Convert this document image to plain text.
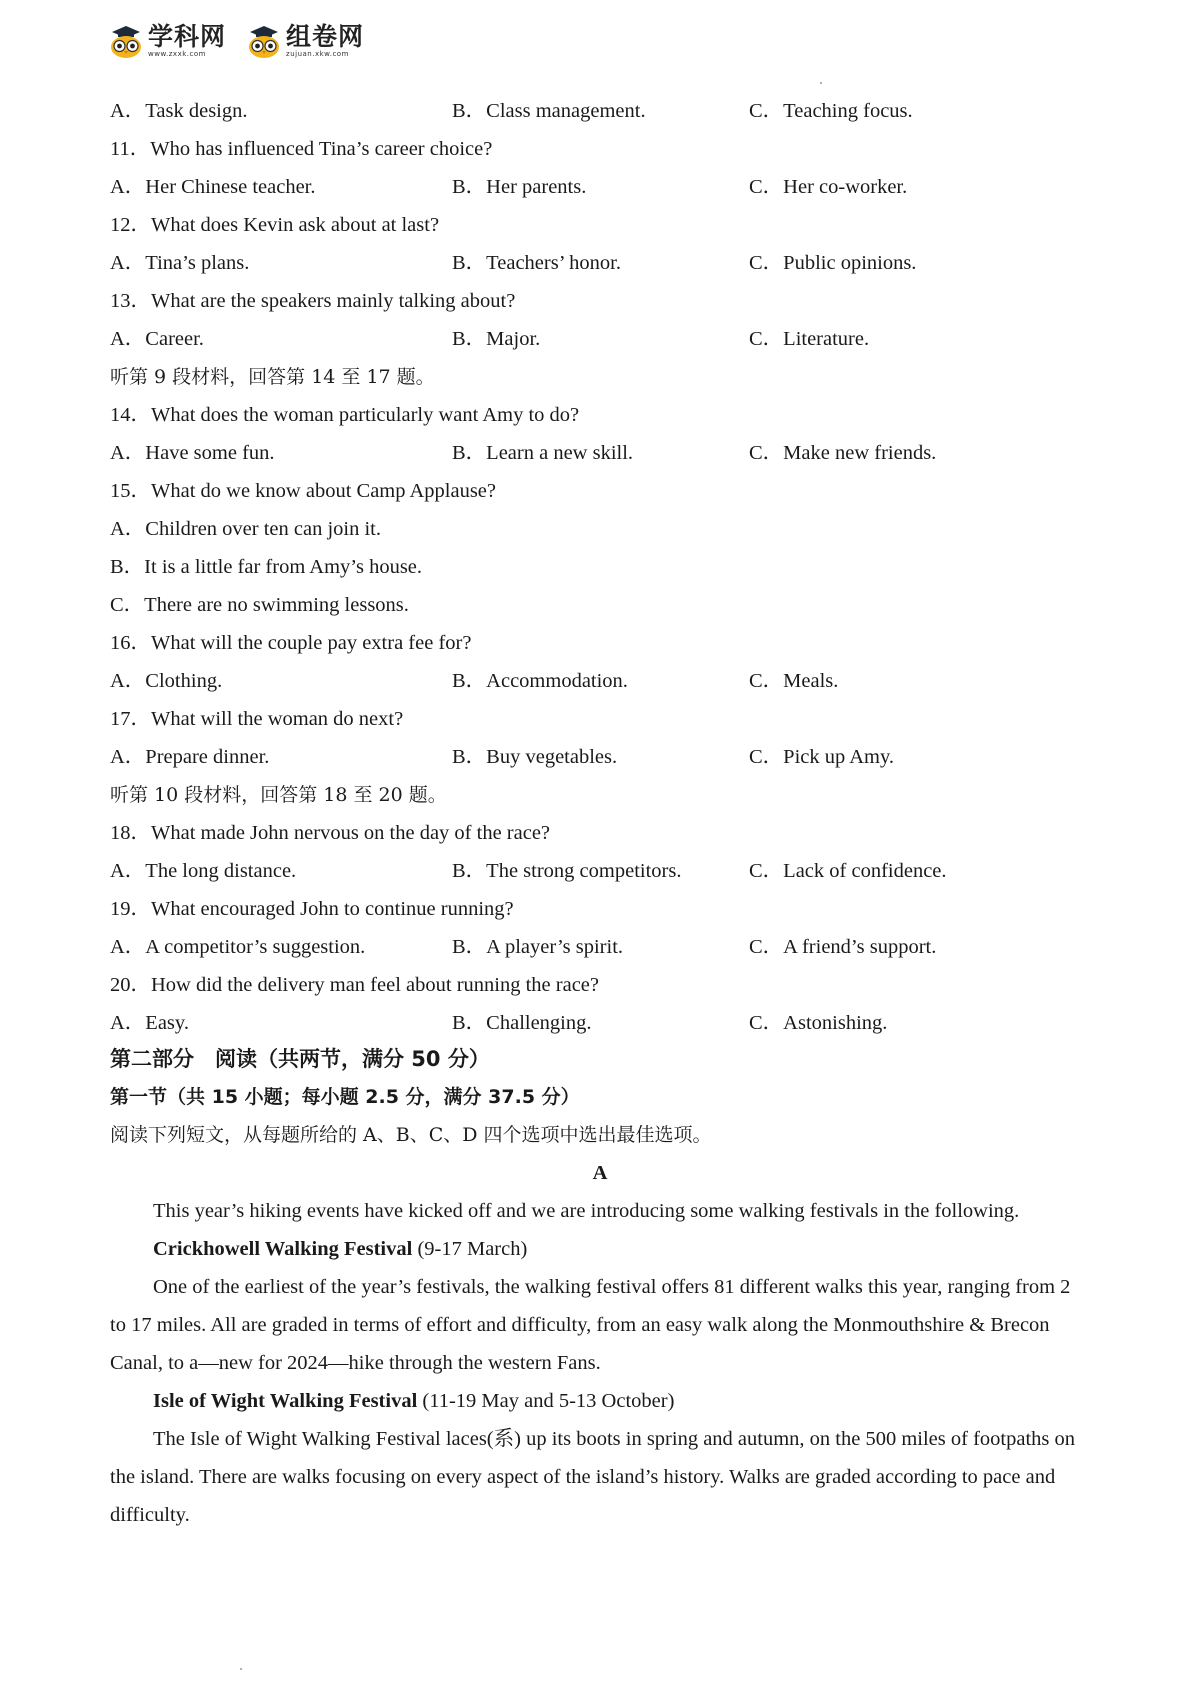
学科网
www.zxxk.com
组卷网
zujuan.xkw.com
A．Task design.	B．Class management.	C．Teaching focus.
11．Who has influenced Tina’s career choice?
A．Her Chinese teacher.	B．Her parents.	C．Her co-worker.
12．What does Kevin ask about at last?
A．Tina’s plans.	B．Teachers’ honor.	C．Public opinions.
13．What are the speakers mainly talking about?
A．Career.	B．Major.	C．Literature.
听第 9 段材料，回答第 14 至 17 题。
14．What does the woman particularly want Amy to do?
A．Have some fun.	B．Learn a new skill.	C．Make new friends.
15．What do we know about Camp Applause?
A．Children over ten can join it.
B．It is a little far from Amy’s house.
C．There are no swimming lessons.
16．What will the couple pay extra fee for?
A．Clothing.	B．Accommodation.	C．Meals.
17．What will the woman do next?
A．Prepare dinner.	B．Buy vegetables.	C．Pick up Amy.
听第 10 段材料，回答第 18 至 20 题。
18．What made John nervous on the day of the race?
A．The long distance.	B．The strong competitors.	C．Lack of confidence.
19．What encouraged John to continue running?
A．A competitor’s suggestion.	B．A player’s spirit.	C．A friend’s support.
20．How did the delivery man feel about running the race?
A．Easy.	B．Challenging.	C．Astonishing.
第二部分　阅读（共两节，满分 50 分）
第一节（共 15 小题；每小题 2.5 分，满分 37.5 分）
阅读下列短文，从每题所给的 A、B、C、D 四个选项中选出最佳选项。
A
This year’s hiking events have kicked off and we are introducing some walking festivals in the following.
Crickhowell Walking Festival (9-17 March)
One of the earliest of the year’s festivals, the walking festival offers 81 different walks this year, ranging from 2 to 17 miles. All are graded in terms of effort and difficulty, from an easy walk along the Monmouthshire & Brecon Canal, to a—new for 2024—hike through the western Fans.
Isle of Wight Walking Festival (11-19 May and 5-13 October)
The Isle of Wight Walking Festival laces(系) up its boots in spring and autumn, on the 500 miles of footpaths on the island. There are walks focusing on every aspect of the island’s history. Walks are graded according to pace and difficulty.
